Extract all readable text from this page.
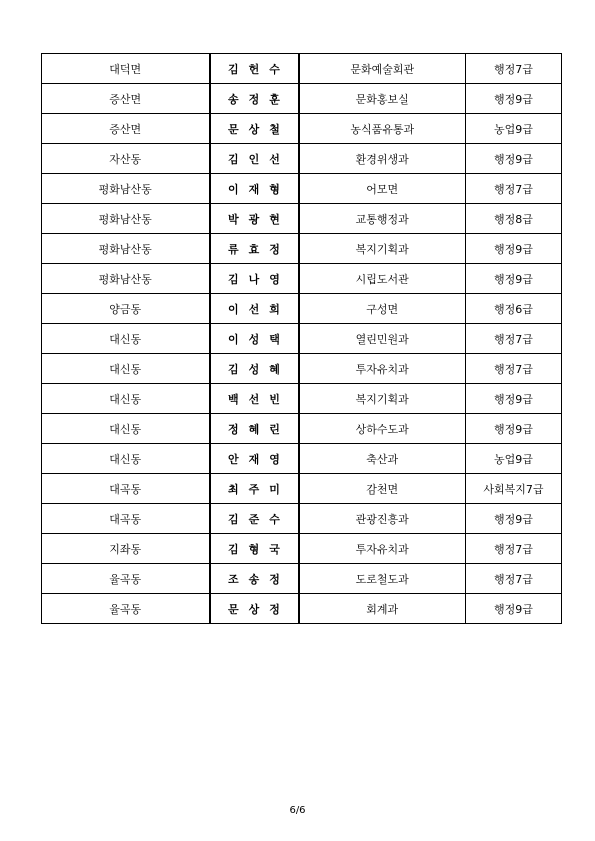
대덕면	김헌수	문화예술회관	행정7급
증산면	송정훈	문화홍보실	행정9급
증산면	문상철	농식품유통과	농업9급
자산동	김인선	환경위생과	행정9급
평화남산동	이재형	어모면	행정7급
평화남산동	박광현	교통행정과	행정8급
평화남산동	류효정	복지기획과	행정9급
평화남산동	김나영	시립도서관	행정9급
양금동	이선희	구성면	행정6급
대신동	이성택	열린민원과	행정7급
대신동	김성혜	투자유치과	행정7급
대신동	백선빈	복지기획과	행정9급
대신동	정혜린	상하수도과	행정9급
대신동	안재영	축산과	농업9급
대곡동	최주미	감천면	사회복지7급
대곡동	김준수	관광진흥과	행정9급
지좌동	김형국	투자유치과	행정7급
율곡동	조송정	도로철도과	행정7급
율곡동	문상정	회계과	행정9급
6/6
